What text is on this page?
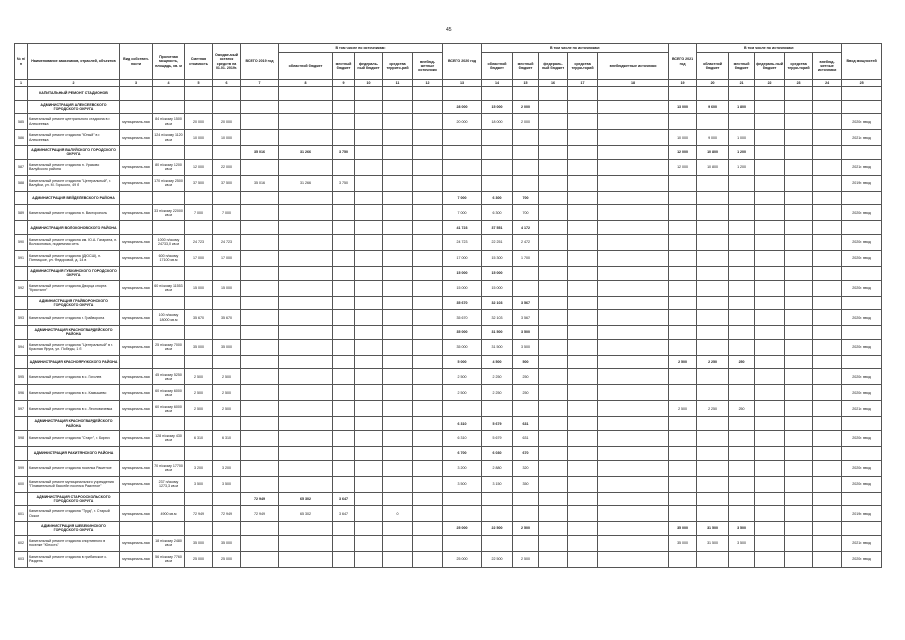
45
№ п/п	Наименование заказчиков, отраслей, объектов	Вид собствен-ности	Проектная мощность, площадь, кв. м	Сметная стоимость	Ожидае-мый остаток средств на 01.01. 2019г.	ВСЕГО 2019 год	В том числе по источникам:					ВСЕГО 2020 год	В том числе по источникам:					ВСЕГО 2021 год	В том числе по источникам:					Ввод мощностей
							областной бюджет	местный бюджет	федераль-ный бюджет	средства террито-рий	внебюд-жетные источники		областной бюджет	местный бюджет	федераль-ный бюджет	средства терри-торий	внебюджетные источники		областной бюджет	местный бюджет	федераль-ный бюджет	средства терри-торий	внебюд-жетные источники	
1	2	3	4	5	6	7	8	9	10	11	12	13	14	15	16	17	18	19	20	21	22	23	24	25
	КАПИТАЛЬНЫЙ РЕМОНТ СТАДИОНОВ																							
	АДМИНИСТРАЦИЯ АЛЕКСЕЕВСКОГО ГОРОДСКОГО ОКРУГА											28 000	15 000	2 000				13 000	9 600	1 800				
585	Капитальный ремонт центрального стадиона в г. Алексеевка	муниципаль-ная	84 п/скому 1500 кв.м	20 000	20 000							20 000	18 000	2 000										2020г. ввод
586	Капитальный ремонт стадиона "Юный" в г. Алексеевка	муниципаль-ная	124 п/скому 1120 кв.м	10 000	10 000													10 000	9 000	1 000				2021г. ввод
	АДМИНИСТРАЦИЯ ВАЛУЙСКОГО ГОРОДСКОГО ОКРУГА					35 016	31 266	3 750										12 000	10 800	1 200				
587	Капитальный ремонт стадиона п. Уразово Валуйского района	муниципаль-ная	80 п/скому 1200 кв.м	12 000	22 000													12 000	10 800	1 200				2021г. ввод
588	Капитальный ремонт стадиона "Центральный", г. Валуйки, ул. М. Горького, 49 б	муниципаль-ная	170 п/скому 2500 кв.м	37 500	37 500	35 016	31 266	3 750																2019г. ввод
	АДМИНИСТРАЦИЯ ВЕЙДЕЛЕВСКОГО РАЙОНА											7 000	6 300	700										
589	Капитальный ремонт стадиона п. Викторополь	муниципаль-ная	33 п/скому 22000 кв.м	7 000	7 000							7 000	6 300	700										2020г. ввод
	АДМИНИСТРАЦИЯ ВОЛОКОНОВСКОГО РАЙОНА											41 723	37 551	4 172										
590	Капитальный ремонт стадиона им. Ю.А. Гагарина, п. Волоконовка, подземная сеть	муниципаль-ная	1000 п/скому 24733,0 кв.м	24 723	24 723							24 723	22 251	2 472										2020г. ввод
591	Капитальный ремонт стадиона (ДЮСШ), п. Пятницкое, ул. Федоровой, д. 14 в	муниципаль-ная	600 п/скому 17100 кв.м	17 000	17 000							17 000	15 300	1 700										2020г. ввод
	АДМИНИСТРАЦИЯ ГУБКИНСКОГО ГОРОДСКОГО ОКРУГА											15 000	15 000											
592	Капитальный ремонт стадиона Дворца спорта "Кристалл"	муниципаль-ная	60 п/скому 11553 кв.м	15 000	15 000							15 000	15 000											2020г. ввод
	АДМИНИСТРАЦИЯ ГРАЙВОРОНСКОГО ГОРОДСКОГО ОКРУГА											35 670	32 103	3 567										
593	Капитальный ремонт стадиона г. Грайворона	муниципаль-ная	100 п/скому 18000 кв.м	35 670	35 670							35 670	32 103	3 567										2020г. ввод
	АДМИНИСТРАЦИЯ КРАСНОГВАРДЕЙСКОГО РАЙОНА											35 000	31 500	3 500										
594	Капитальный ремонт стадиона "Центральный" в г. Красная Яруга, ул. Победы, 1 б	муниципаль-ная	25 п/скому 7000 кв.м	35 000	35 000							35 000	31 500	3 500										2020г. ввод
	АДМИНИСТРАЦИЯ КРАСНОЯРУЖСКОГО РАЙОНА											5 000	4 500	500				2 500	2 250	250				
595	Капитальный ремонт стадиона в с. Гоголев	муниципаль-ная	45 п/скому 5250 кв.м	2 500	2 500							2 500	2 250	250										2020г. ввод
596	Капитальный ремонт стадиона в с. Камышево	муниципаль-ная	60 п/скому 6000 кв.м	2 500	2 500							2 500	2 250	250										2020г. ввод
597	Капитальный ремонт стадиона в с. Леоновичевка	муниципаль-ная	60 п/скому 6000 кв.м	2 500	2 500													2 500	2 250	250				2021г. ввод
	АДМИНИСТРАЦИЯ КРАСНОГВАРДЕЙСКОГО РАЙОНА											6 310	5 679	631										
598	Капитальный ремонт стадиона "Старт", г. Бирюч	муниципаль-ная	128 п/скому 430 кв.м	6 310	6 310							6 310	5 679	631										2020г. ввод
	АДМИНИСТРАЦИЯ РАКИТЯНСКОГО РАЙОНА											6 700	6 030	670										
599	Капитальный ремонт стадиона поселка Ракитное	муниципаль-ная	70 п/скому 17700 кв.м	3 200	3 200							3 200	2 880	320										2020г. ввод
600	Капитальный ремонт муниципального учреждения "Плавательный бассейн поселка Ракитное"	муниципаль-ная	237 п/скому 1273,3 кв.м	3 500	3 500							3 500	3 150	350										2020г. ввод
	АДМИНИСТРАЦИЯ СТАРООСКОЛЬСКОГО ГОРОДСКОГО ОКРУГА					72 949	65 302	3 647																
601	Капитальный ремонт стадиона "Труд", г. Старый Оскол	муниципаль-ная	4900 кв.м	72 949	72 949	72 949	65 302	3 647		0														2019г. ввод
	АДМИНИСТРАЦИЯ ШЕБЕКИНСКОГО ГОРОДСКОГО ОКРУГА											25 000	22 500	2 500				35 000	31 500	3 500				
602	Капитальный ремонт стадиона спортивного в поселке "Юность"	муниципаль-ная	18 п/скому 2480 кв.м	35 000	35 000													35 000	31 500	3 500				2021г. ввод
603	Капитальный ремонт стадиона в грибанское с. Раздень	муниципаль-ная	56 п/скому 7760 кв.м	25 000	25 000							25 000	22 500	2 500										2020г. ввод
